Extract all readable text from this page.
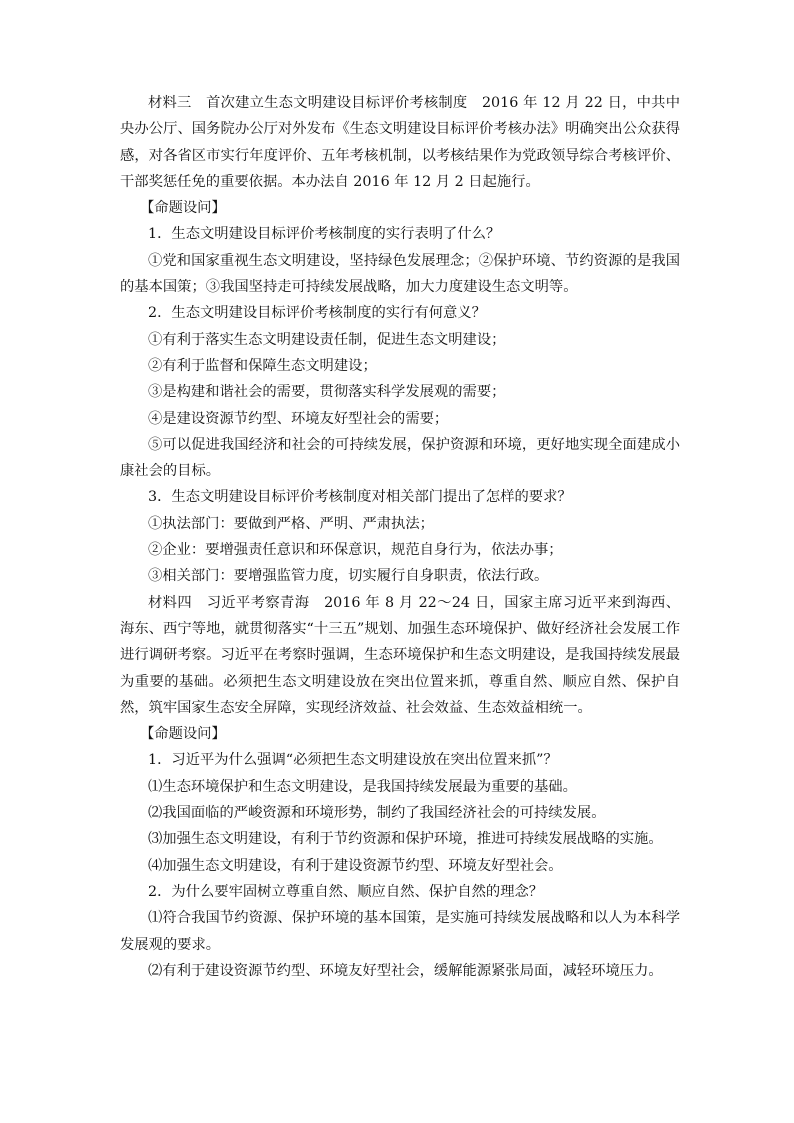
材料三　首次建立生态文明建设目标评价考核制度　2016 年 12 月 22 日，中共中央办公厅、国务院办公厅对外发布《生态文明建设目标评价考核办法》明确突出公众获得感，对各省区市实行年度评价、五年考核机制，以考核结果作为党政领导综合考核评价、干部奖惩任免的重要依据。本办法自 2016 年 12 月 2 日起施行。

【命题设问】

1．生态文明建设目标评价考核制度的实行表明了什么？

①党和国家重视生态文明建设，坚持绿色发展理念；②保护环境、节约资源的是我国的基本国策；③我国坚持走可持续发展战略，加大力度建设生态文明等。

2．生态文明建设目标评价考核制度的实行有何意义？

①有利于落实生态文明建设责任制，促进生态文明建设；

②有利于监督和保障生态文明建设；

③是构建和谐社会的需要，贯彻落实科学发展观的需要；

④是建设资源节约型、环境友好型社会的需要；

⑤可以促进我国经济和社会的可持续发展，保护资源和环境，更好地实现全面建成小康社会的目标。

3．生态文明建设目标评价考核制度对相关部门提出了怎样的要求？

①执法部门：要做到严格、严明、严肃执法；

②企业：要增强责任意识和环保意识，规范自身行为，依法办事；

③相关部门：要增强监管力度，切实履行自身职责，依法行政。

材料四　习近平考察青海　2016 年 8 月 22～24 日，国家主席习近平来到海西、海东、西宁等地，就贯彻落实“十三五”规划、加强生态环境保护、做好经济社会发展工作进行调研考察。习近平在考察时强调，生态环境保护和生态文明建设，是我国持续发展最为重要的基础。必须把生态文明建设放在突出位置来抓，尊重自然、顺应自然、保护自然，筑牢国家生态安全屏障，实现经济效益、社会效益、生态效益相统一。

【命题设问】

1．习近平为什么强调“必须把生态文明建设放在突出位置来抓”？

⑴生态环境保护和生态文明建设，是我国持续发展最为重要的基础。

⑵我国面临的严峻资源和环境形势，制约了我国经济社会的可持续发展。

⑶加强生态文明建设，有利于节约资源和保护环境，推进可持续发展战略的实施。

⑷加强生态文明建设，有利于建设资源节约型、环境友好型社会。

2．为什么要牢固树立尊重自然、顺应自然、保护自然的理念？

⑴符合我国节约资源、保护环境的基本国策，是实施可持续发展战略和以人为本科学发展观的要求。

⑵有利于建设资源节约型、环境友好型社会，缓解能源紧张局面，减轻环境压力。
